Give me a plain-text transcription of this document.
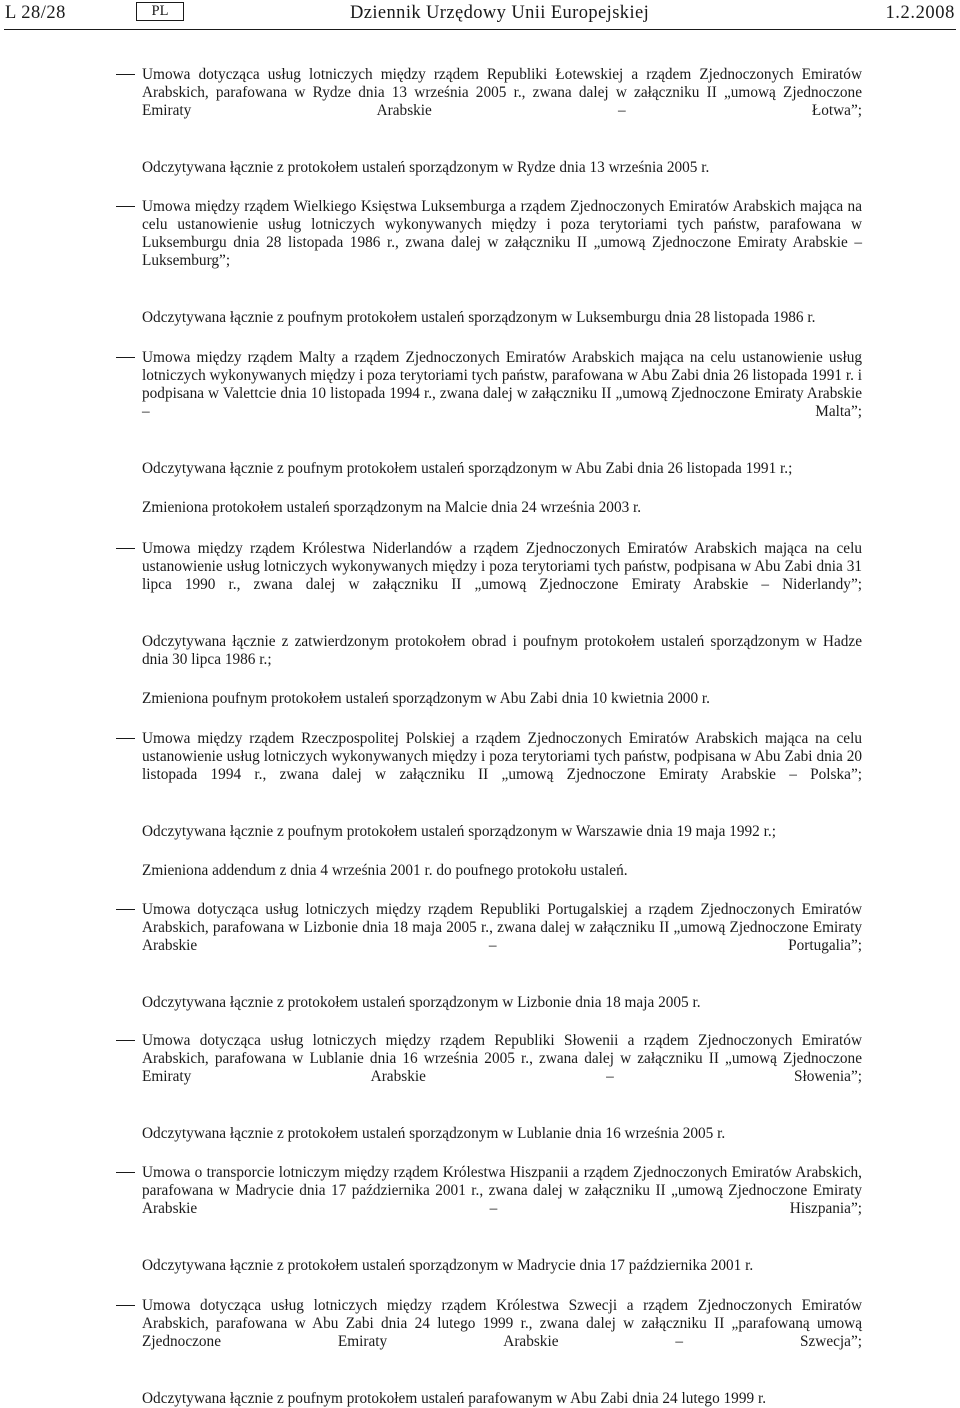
L 28/28	PL	Dziennik Urzędowy Unii Europejskiej	1.2.2008
Umowa dotycząca usług lotniczych między rządem Republiki Łotewskiej a rządem Zjednoczonych Emiratów Arabskich, parafowana w Rydze dnia 13 września 2005 r., zwana dalej w załączniku II „umową Zjednoczone Emiraty Arabskie – Łotwa”;
Odczytywana łącznie z protokołem ustaleń sporządzonym w Rydze dnia 13 września 2005 r.
Umowa między rządem Wielkiego Księstwa Luksemburga a rządem Zjednoczonych Emiratów Arabskich mająca na celu ustanowienie usług lotniczych wykonywanych między i poza terytoriami tych państw, parafowana w Luksemburgu dnia 28 listopada 1986 r., zwana dalej w załączniku II „umową Zjednoczone Emiraty Arabskie – Luksemburg”;
Odczytywana łącznie z poufnym protokołem ustaleń sporządzonym w Luksemburgu dnia 28 listopada 1986 r.
Umowa między rządem Malty a rządem Zjednoczonych Emiratów Arabskich mająca na celu ustanowienie usług lotniczych wykonywanych między i poza terytoriami tych państw, parafowana w Abu Zabi dnia 26 listopada 1991 r. i podpisana w Valettcie dnia 10 listopada 1994 r., zwana dalej w załączniku II „umową Zjednoczone Emiraty Arabskie – Malta”;
Odczytywana łącznie z poufnym protokołem ustaleń sporządzonym w Abu Zabi dnia 26 listopada 1991 r.;
Zmieniona protokołem ustaleń sporządzonym na Malcie dnia 24 września 2003 r.
Umowa między rządem Królestwa Niderlandów a rządem Zjednoczonych Emiratów Arabskich mająca na celu ustanowienie usług lotniczych wykonywanych między i poza terytoriami tych państw, podpisana w Abu Zabi dnia 31 lipca 1990 r., zwana dalej w załączniku II „umową Zjednoczone Emiraty Arabskie – Niderlandy”;
Odczytywana łącznie z zatwierdzonym protokołem obrad i poufnym protokołem ustaleń sporządzonym w Hadze dnia 30 lipca 1986 r.;
Zmieniona poufnym protokołem ustaleń sporządzonym w Abu Zabi dnia 10 kwietnia 2000 r.
Umowa między rządem Rzeczpospolitej Polskiej a rządem Zjednoczonych Emiratów Arabskich mająca na celu ustanowienie usług lotniczych wykonywanych między i poza terytoriami tych państw, podpisana w Abu Zabi dnia 20 listopada 1994 r., zwana dalej w załączniku II „umową Zjednoczone Emiraty Arabskie – Polska”;
Odczytywana łącznie z poufnym protokołem ustaleń sporządzonym w Warszawie dnia 19 maja 1992 r.;
Zmieniona addendum z dnia 4 września 2001 r. do poufnego protokołu ustaleń.
Umowa dotycząca usług lotniczych między rządem Republiki Portugalskiej a rządem Zjednoczonych Emiratów Arabskich, parafowana w Lizbonie dnia 18 maja 2005 r., zwana dalej w załączniku II „umową Zjednoczone Emiraty Arabskie – Portugalia”;
Odczytywana łącznie z protokołem ustaleń sporządzonym w Lizbonie dnia 18 maja 2005 r.
Umowa dotycząca usług lotniczych między rządem Republiki Słowenii a rządem Zjednoczonych Emiratów Arabskich, parafowana w Lublanie dnia 16 września 2005 r., zwana dalej w załączniku II „umową Zjednoczone Emiraty Arabskie – Słowenia”;
Odczytywana łącznie z protokołem ustaleń sporządzonym w Lublanie dnia 16 września 2005 r.
Umowa o transporcie lotniczym między rządem Królestwa Hiszpanii a rządem Zjednoczonych Emiratów Arabskich, parafowana w Madrycie dnia 17 października 2001 r., zwana dalej w załączniku II „umową Zjednoczone Emiraty Arabskie – Hiszpania”;
Odczytywana łącznie z protokołem ustaleń sporządzonym w Madrycie dnia 17 października 2001 r.
Umowa dotycząca usług lotniczych między rządem Królestwa Szwecji a rządem Zjednoczonych Emiratów Arabskich, parafowana w Abu Zabi dnia 24 lutego 1999 r., zwana dalej w załączniku II „parafowaną umową Zjednoczone Emiraty Arabskie – Szwecja”;
Odczytywana łącznie z poufnym protokołem ustaleń parafowanym w Abu Zabi dnia 24 lutego 1999 r.
